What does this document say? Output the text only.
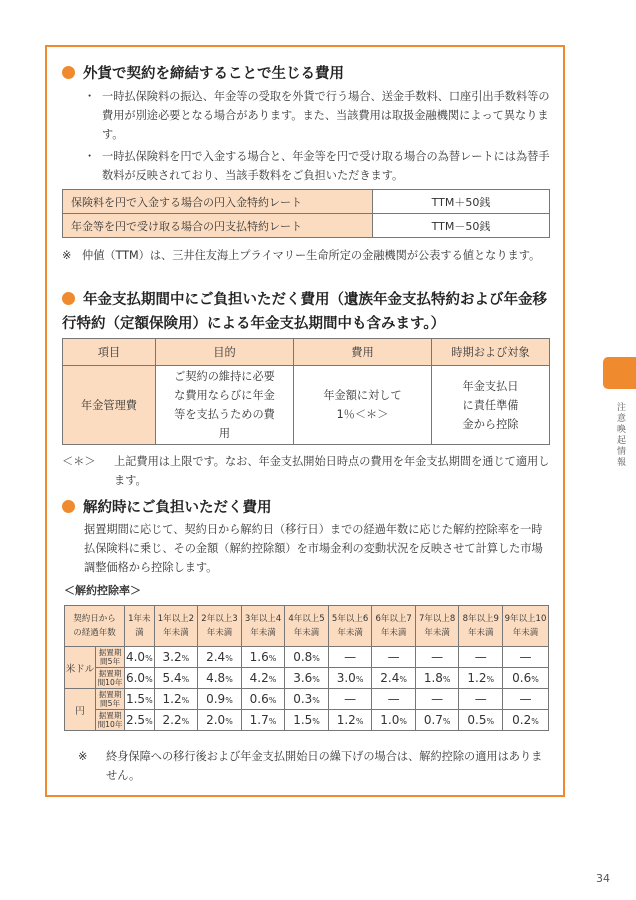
外貨で契約を締結することで生じる費用
・ 一時払保険料の振込、年金等の受取を外貨で行う場合、送金手数料、口座引出手数料等の費用が別途必要となる場合があります。また、当該費用は取扱金融機関によって異なります。
・ 一時払保険料を円で入金する場合と、年金等を円で受け取る場合の為替レートには為替手数料が反映されており、当該手数料をご負担いただきます。
保険料を円で入金する場合の円入金特約レート	TTM＋50銭
年金等を円で受け取る場合の円支払特約レート	TTM－50銭
※ 仲値（TTM）は、三井住友海上プライマリー生命所定の金融機関が公表する値となります。
年金支払期間中にご負担いただく費用（遺族年金支払特約および年金移行特約（定額保険用）による年金支払期間中も含みます。）
項目	目的	費用	時期および対象
年金管理費	ご契約の維持に必要な費用ならびに年金等を支払うための費用	年金額に対して1％＜＊＞	年金支払日に責任準備金から控除
＜＊＞	上記費用は上限です。なお、年金支払開始日時点の費用を年金支払期間を通じて適用します。
解約時にご負担いただく費用
据置期間に応じて、契約日から解約日（移行日）までの経過年数に応じた解約控除率を一時払保険料に乗じ、その金額（解約控除額）を市場金利の変動状況を反映させて計算した市場調整価格から控除します。
＜解約控除率＞
契約日からの経過年数		1年未満	1年以上2年未満	2年以上3年未満	3年以上4年未満	4年以上5年未満	5年以上6年未満	6年以上7年未満	7年以上8年未満	8年以上9年未満	9年以上10年未満
米ドル	据置期間5年	4.0%	3.2%	2.4%	1.6%	0.8%	—	—	—	—	—
	据置期間10年	6.0%	5.4%	4.8%	4.2%	3.6%	3.0%	2.4%	1.8%	1.2%	0.6%
円	据置期間5年	1.5%	1.2%	0.9%	0.6%	0.3%	—	—	—	—	—
	据置期間10年	2.5%	2.2%	2.0%	1.7%	1.5%	1.2%	1.0%	0.7%	0.5%	0.2%
※	終身保障への移行後および年金支払開始日の繰下げの場合は、解約控除の適用はありません。
注意喚起情報
34
